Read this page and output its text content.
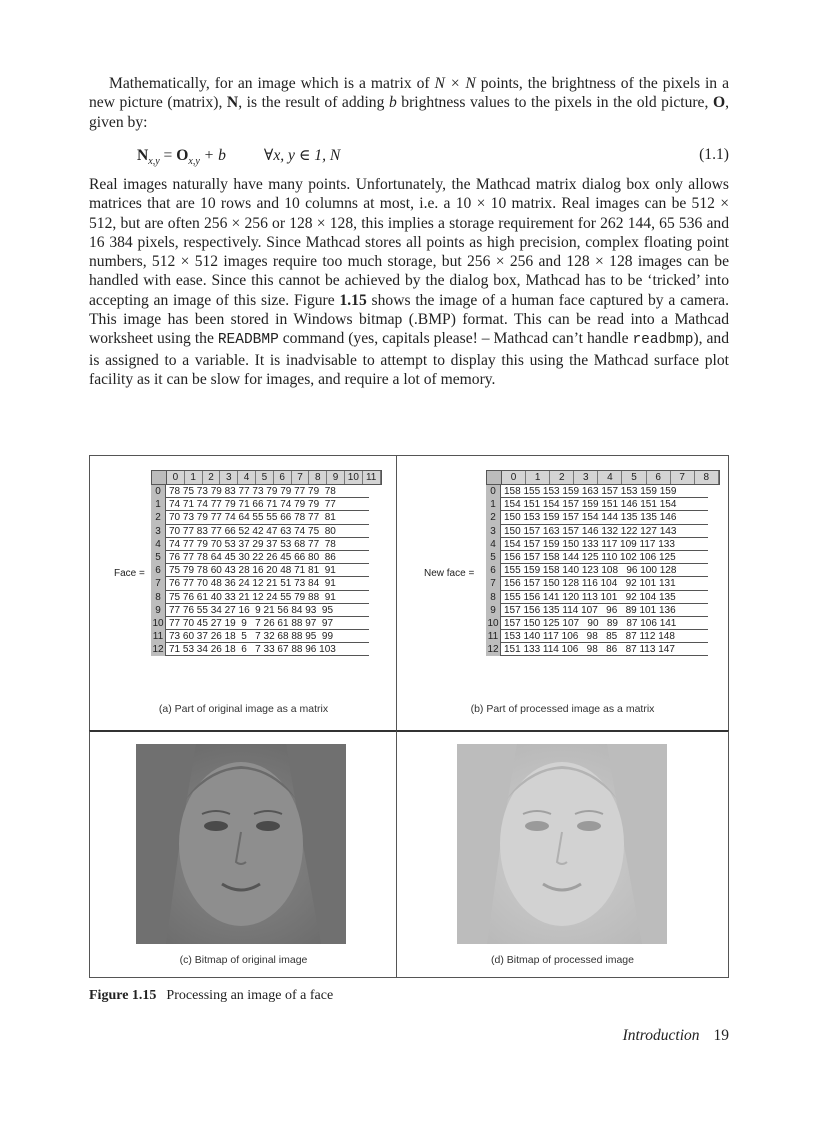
Mathematically, for an image which is a matrix of N × N points, the brightness of the pixels in a new picture (matrix), N, is the result of adding b brightness values to the pixels in the old picture, O, given by:

$N_{x,y} = O_{x,y} + b$ ∀x, y ∈ 1, N	(1.1)

Real images naturally have many points. Unfortunately, the Mathcad matrix dialog box only allows matrices that are 10 rows and 10 columns at most, i.e. a 10 × 10 matrix. Real images can be 512 × 512, but are often 256 × 256 or 128 × 128, this implies a storage requirement for 262 144, 65 536 and 16 384 pixels, respectively. Since Mathcad stores all points as high precision, complex floating point numbers, 512 × 512 images require too much storage, but 256 × 256 and 128 × 128 images can be handled with ease. Since this cannot be achieved by the dialog box, Mathcad has to be ‘tricked’ into accepting an image of this size. Figure 1.15 shows the image of a human face captured by a camera. This image has been stored in Windows bitmap (.BMP) format. This can be read into a Mathcad worksheet using the READBMP command (yes, capitals please! – Mathcad can’t handle readbmp), and is assigned to a variable. It is inadvisable to attempt to display this using the Mathcad surface plot facility as it can be slow for images, and require a lot of memory.

Face =
0	1	2	3	4	5	6	7	8	9 10 11
0 78 75 73 79 83 77 73 79 79 77 79  78
1 74 71 74 77 79 71 66 71 74 79 79  77
2 70 73 79 77 74 64 55 55 66 78 77  81
3 70 77 83 77 66 52 42 47 63 74 75  80
4 74 77 79 70 53 37 29 37 53 68 77  78
5 76 77 78 64 45 30 22 26 45 66 80  86
6 75 79 78 60 43 28 16 20 48 71 81  91
7 76 77 70 48 36 24 12 21 51 73 84  91
8 75 76 61 40 33 21 12 24 55 79 88  91
9 77 76 55 34 27 16  9 21 56 84 93  95
10 77 70 45 27 19  9   7 26 61 88 97  97
11 73 60 37 26 18  5   7 32 68 88 95  99
12 71 53 34 26 18  6   7 33 67 88 96 103
(a) Part of original image as a matrix
New face =
0	1	2	3	4	5	6	7	8
0 158 155 153 159 163 157 153 159 159
1 154 151 154 157 159 151 146 151 154
2 150 153 159 157 154 144 135 135 146
3 150 157 163 157 146 132 122 127 143
4 154 157 159 150 133 117 109 117 133
5 156 157 158 144 125 110 102 106 125
6 155 159 158 140 123 108   96 100 128
7 156 157 150 128 116 104   92 101 131
8 155 156 141 120 113 101   92 104 135
9 157 156 135 114 107   96   89 101 136
10 157 150 125 107   90   89   87 106 141
11 153 140 117 106   98   85   87 112 148
12 151 133 114 106   98   86   87 113 147
(b) Part of processed image as a matrix
(c) Bitmap of original image	(d) Bitmap of processed image
Figure 1.15 Processing an image of a face
Introduction 19
